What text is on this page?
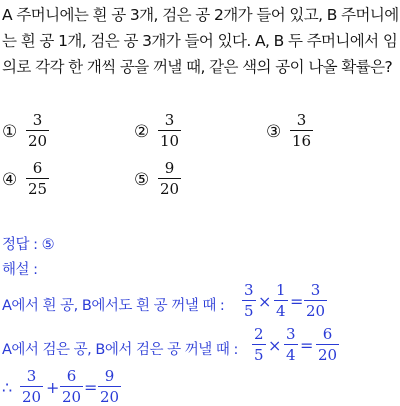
A 주머니에는 흰 공 3개, 검은 공 2개가 들어 있고, B 주머니에
는 흰 공 1개, 검은 공 3개가 들어 있다. A, B 두 주머니에서 임
의로 각각 한 개씩 공을 꺼낼 때, 같은 색의 공이 나올 확률은?
①
3
20	②
3
10	③
3
16
④
6
25	⑤
9
20
정답 : ⑤
해설 :
A에서 흰 공, B에서도 흰 공 꺼낼 때 :
3
5 ×
1
4 =
3
20
A에서 검은 공, B에서 검은 공 꺼낼 때 :
2
5 ×
3
4 =
6
20
∴
3
20 +
6
20 =
9
20
